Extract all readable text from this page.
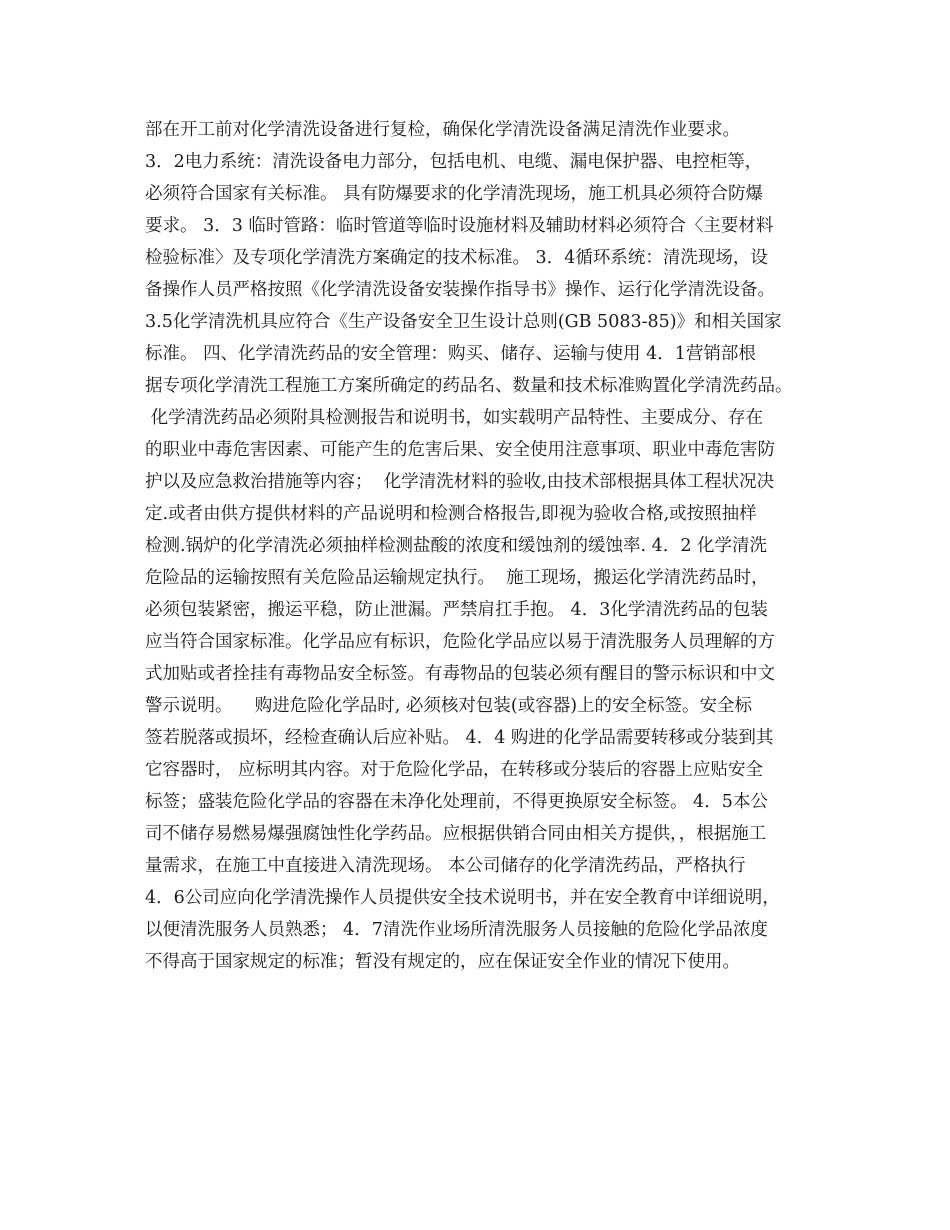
部在开工前对化学清洗设备进行复检，确保化学清洗设备满足清洗作业要求。
3．2电力系统：清洗设备电力部分，包括电机、电缆、漏电保护器、电控柜等，
必须符合国家有关标准。 具有防爆要求的化学清洗现场，施工机具必须符合防爆
要求。 3．3 临时管路：临时管道等临时设施材料及辅助材料必须符合〈主要材料
检验标准〉及专项化学清洗方案确定的技术标准。 3．4循环系统：清洗现场，设
备操作人员严格按照《化学清洗设备安装操作指导书》操作、运行化学清洗设备。
3.5化学清洗机具应符合《生产设备安全卫生设计总则(GB 5083-85)》和相关国家
标准。 四、化学清洗药品的安全管理：购买、储存、运输与使用 4．1营销部根
据专项化学清洗工程施工方案所确定的药品名、数量和技术标准购置化学清洗药品。
化学清洗药品必须附具检测报告和说明书，如实载明产品特性、主要成分、存在
的职业中毒危害因素、可能产生的危害后果、安全使用注意事项、职业中毒危害防
护以及应急救治措施等内容；  化学清洗材料的验收,由技术部根据具体工程状况决
定.或者由供方提供材料的产品说明和检测合格报告,即视为验收合格,或按照抽样
检测.锅炉的化学清洗必须抽样检测盐酸的浓度和缓蚀剂的缓蚀率. 4．2 化学清洗
危险品的运输按照有关危险品运输规定执行。  施工现场，搬运化学清洗药品时，
必须包装紧密，搬运平稳，防止泄漏。严禁肩扛手抱。 4．3化学清洗药品的包装
应当符合国家标准。化学品应有标识，危险化学品应以易于清洗服务人员理解的方
式加贴或者拴挂有毒物品安全标签。有毒物品的包装必须有醒目的警示标识和中文
警示说明。    购进危险化学品时, 必须核对包装(或容器)上的安全标签。安全标
签若脱落或损坏，经检查确认后应补贴。 4．4 购进的化学品需要转移或分装到其
它容器时， 应标明其内容。对于危险化学品，在转移或分装后的容器上应贴安全
标签；盛装危险化学品的容器在未净化处理前，不得更换原安全标签。 4．5本公
司不储存易燃易爆强腐蚀性化学药品。应根据供销合同由相关方提供，，根据施工
量需求，在施工中直接进入清洗现场。 本公司储存的化学清洗药品，严格执行
4．6公司应向化学清洗操作人员提供安全技术说明书，并在安全教育中详细说明，
以便清洗服务人员熟悉； 4．7清洗作业场所清洗服务人员接触的危险化学品浓度
不得高于国家规定的标准；暂没有规定的，应在保证安全作业的情况下使用。
